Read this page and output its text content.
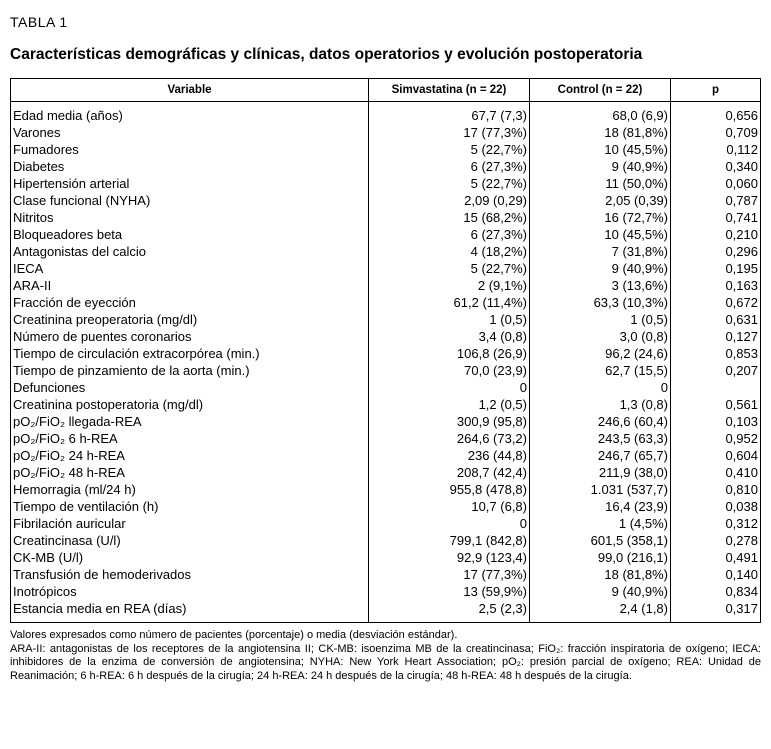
TABLA 1
Características demográficas y clínicas, datos operatorios y evolución postoperatoria
Variable	Simvastatina (n = 22)	Control (n = 22)	p
Edad media (años)	67,7 (7,3)	68,0 (6,9)	0,656
Varones	17 (77,3%)	18 (81,8%)	0,709
Fumadores	5 (22,7%)	10 (45,5%)	0,112
Diabetes	6 (27,3%)	9 (40,9%)	0,340
Hipertensión arterial	5 (22,7%)	11 (50,0%)	0,060
Clase funcional (NYHA)	2,09 (0,29)	2,05 (0,39)	0,787
Nitritos	15 (68,2%)	16 (72,7%)	0,741
Bloqueadores beta	6 (27,3%)	10 (45,5%)	0,210
Antagonistas del calcio	4 (18,2%)	7 (31,8%)	0,296
IECA	5 (22,7%)	9 (40,9%)	0,195
ARA-II	2 (9,1%)	3 (13,6%)	0,163
Fracción de eyección	61,2 (11,4%)	63,3 (10,3%)	0,672
Creatinina preoperatoria (mg/dl)	1 (0,5)	1 (0,5)	0,631
Número de puentes coronarios	3,4 (0,8)	3,0 (0,8)	0,127
Tiempo de circulación extracorpórea (min.)	106,8 (26,9)	96,2 (24,6)	0,853
Tiempo de pinzamiento de la aorta (min.)	70,0 (23,9)	62,7 (15,5)	0,207
Defunciones	0	0	
Creatinina postoperatoria (mg/dl)	1,2 (0,5)	1,3 (0,8)	0,561
pO₂/FiO₂ llegada-REA	300,9 (95,8)	246,6 (60,4)	0,103
pO₂/FiO₂ 6 h-REA	264,6 (73,2)	243,5 (63,3)	0,952
pO₂/FiO₂ 24 h-REA	236 (44,8)	246,7 (65,7)	0,604
pO₂/FiO₂ 48 h-REA	208,7 (42,4)	211,9 (38,0)	0,410
Hemorragia (ml/24 h)	955,8 (478,8)	1.031 (537,7)	0,810
Tiempo de ventilación (h)	10,7 (6,8)	16,4 (23,9)	0,038
Fibrilación auricular	0	1 (4,5%)	0,312
Creatincinasa (U/l)	799,1 (842,8)	601,5 (358,1)	0,278
CK-MB (U/l)	92,9 (123,4)	99,0 (216,1)	0,491
Transfusión de hemoderivados	17 (77,3%)	18 (81,8%)	0,140
Inotrópicos	13 (59,9%)	9 (40,9%)	0,834
Estancia media en REA (días)	2,5 (2,3)	2,4 (1,8)	0,317

Valores expresados como número de pacientes (porcentaje) o media (desviación estándar).

ARA-II: antagonistas de los receptores de la angiotensina II; CK-MB: isoenzima MB de la creatincinasa; FiO₂: fracción inspiratoria de oxígeno; IECA: inhibidores de la enzima de conversión de angiotensina; NYHA: New York Heart Association; pO₂: presión parcial de oxígeno; REA: Unidad de Reanimación; 6 h-REA: 6 h después de la cirugía; 24 h-REA: 24 h después de la cirugía; 48 h-REA: 48 h después de la cirugía.
